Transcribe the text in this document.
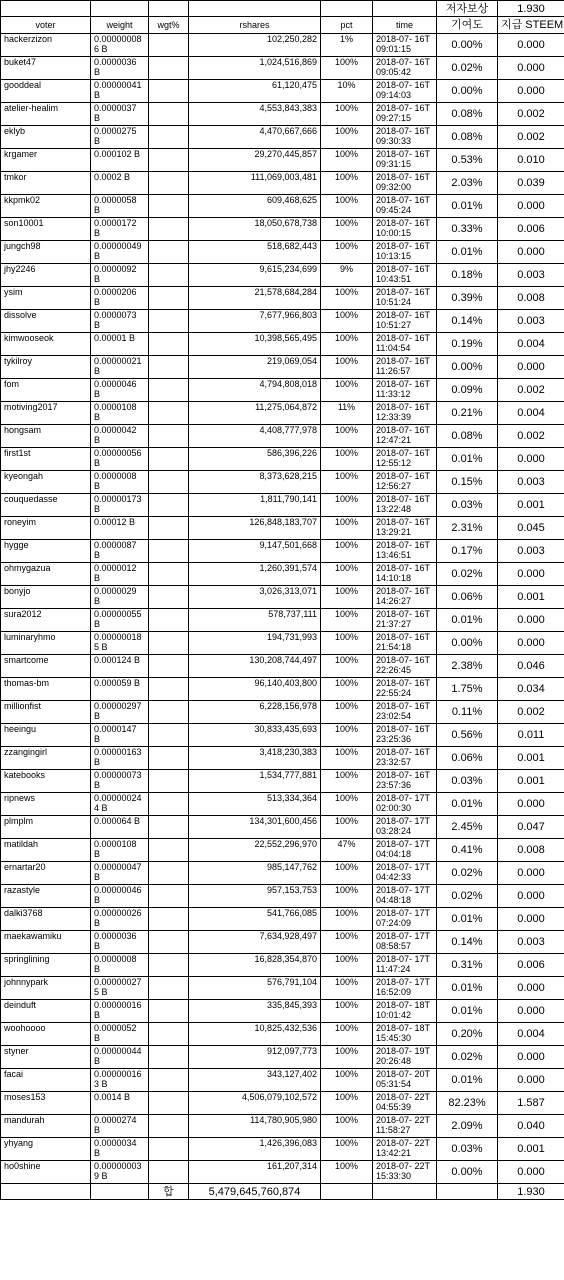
						저자보상	1.930
voter	weight	wgt%	rshares	pct	time	기여도	지급 STEEM
hackerzizon	0.00000008 6 B		102,250,282	1%	2018-07- 16T09:01:15	0.00%	0.000
buket47	0.0000036 B		1,024,516,869	100%	2018-07- 16T09:05:42	0.02%	0.000
gooddeal	0.00000041 B		61,120,475	10%	2018-07- 16T09:14:03	0.00%	0.000
atelier-healim	0.0000037 B		4,553,843,383	100%	2018-07- 16T09:27:15	0.08%	0.002
eklyb	0.0000275 B		4,470,667,666	100%	2018-07- 16T09:30:33	0.08%	0.002
krgamer	0.000102 B		29,270,445,857	100%	2018-07- 16T09:31:15	0.53%	0.010
tmkor	0.0002 B		111,069,003,481	100%	2018-07- 16T09:32:00	2.03%	0.039
kkpmk02	0.0000058 B		609,468,625	100%	2018-07- 16T09:45:24	0.01%	0.000
son10001	0.0000172 B		18,050,678,738	100%	2018-07- 16T10:00:15	0.33%	0.006
jungch98	0.00000049 B		518,682,443	100%	2018-07- 16T10:13:15	0.01%	0.000
jhy2246	0.0000092 B		9,615,234,699	9%	2018-07- 16T10:43:51	0.18%	0.003
ysim	0.0000206 B		21,578,684,284	100%	2018-07- 16T10:51:24	0.39%	0.008
dissolve	0.0000073 B		7,677,966,803	100%	2018-07- 16T10:51:27	0.14%	0.003
kimwooseok	0.00001 B		10,398,565,495	100%	2018-07- 16T11:04:54	0.19%	0.004
tykilroy	0.00000021 B		219,069,054	100%	2018-07- 16T11:26:57	0.00%	0.000
fom	0.0000046 B		4,794,808,018	100%	2018-07- 16T11:33:12	0.09%	0.002
motiving2017	0.0000108 B		11,275,064,872	11%	2018-07- 16T12:33:39	0.21%	0.004
hongsam	0.0000042 B		4,408,777,978	100%	2018-07- 16T12:47:21	0.08%	0.002
first1st	0.00000056 B		586,396,226	100%	2018-07- 16T12:55:12	0.01%	0.000
kyeongah	0.0000008 B		8,373,628,215	100%	2018-07- 16T12:56:27	0.15%	0.003
couquedasse	0.00000173 B		1,811,790,141	100%	2018-07- 16T13:22:48	0.03%	0.001
roneyim	0.00012 B		126,848,183,707	100%	2018-07- 16T13:29:21	2.31%	0.045
hygge	0.0000087 B		9,147,501,668	100%	2018-07- 16T13:46:51	0.17%	0.003
ohmygazua	0.0000012 B		1,260,391,574	100%	2018-07- 16T14:10:18	0.02%	0.000
bonyjo	0.0000029 B		3,026,313,071	100%	2018-07- 16T14:26:27	0.06%	0.001
sura2012	0.00000055 B		578,737,111	100%	2018-07- 16T21:37:27	0.01%	0.000
luminaryhmo	0.00000018 5 B		194,731,993	100%	2018-07- 16T21:54:18	0.00%	0.000
smartcome	0.000124 B		130,208,744,497	100%	2018-07- 16T22:26:45	2.38%	0.046
thomas-bm	0.000059 B		96,140,403,800	100%	2018-07- 16T22:55:24	1.75%	0.034
millionfist	0.00000297 B		6,228,156,978	100%	2018-07- 16T23:02:54	0.11%	0.002
heeingu	0.0000147 B		30,833,435,693	100%	2018-07- 16T23:25:36	0.56%	0.011
zzangingirl	0.00000163 B		3,418,230,383	100%	2018-07- 16T23:32:57	0.06%	0.001
katebooks	0.00000073 B		1,534,777,881	100%	2018-07- 16T23:57:36	0.03%	0.001
ripnews	0.00000024 4 B		513,334,364	100%	2018-07- 17T02:00:30	0.01%	0.000
plmplm	0.000064 B		134,301,600,456	100%	2018-07- 17T03:28:24	2.45%	0.047
matildah	0.0000108 B		22,552,296,970	47%	2018-07- 17T04:04:18	0.41%	0.008
ernartar20	0.00000047 B		985,147,762	100%	2018-07- 17T04:42:33	0.02%	0.000
razastyle	0.00000046 B		957,153,753	100%	2018-07- 17T04:48:18	0.02%	0.000
dalki3768	0.00000026 B		541,766,085	100%	2018-07- 17T07:24:09	0.01%	0.000
maekawamiku	0.0000036 B		7,634,928,497	100%	2018-07- 17T08:58:57	0.14%	0.003
springlining	0.0000008 B		16,828,354,870	100%	2018-07- 17T11:47:24	0.31%	0.006
johnnypark	0.00000027 5 B		576,791,104	100%	2018-07- 17T16:52:09	0.01%	0.000
deinduft	0.00000016 B		335,845,393	100%	2018-07- 18T10:01:42	0.01%	0.000
woohoooo	0.0000052 B		10,825,432,536	100%	2018-07- 18T15:45:30	0.20%	0.004
styner	0.00000044 B		912,097,773	100%	2018-07- 19T20:26:48	0.02%	0.000
facai	0.00000016 3 B		343,127,402	100%	2018-07- 20T05:31:54	0.01%	0.000
moses153	0.0014 B		4,506,079,102,572	100%	2018-07- 22T04:55:39	82.23%	1.587
mandurah	0.0000274 B		114,780,905,980	100%	2018-07- 22T11:58:27	2.09%	0.040
yhyang	0.0000034 B		1,426,396,083	100%	2018-07- 22T13:42:21	0.03%	0.001
ho0shine	0.00000003 9 B		161,207,314	100%	2018-07- 22T15:33:30	0.00%	0.000
		합	5,479,645,760,874				1.930
